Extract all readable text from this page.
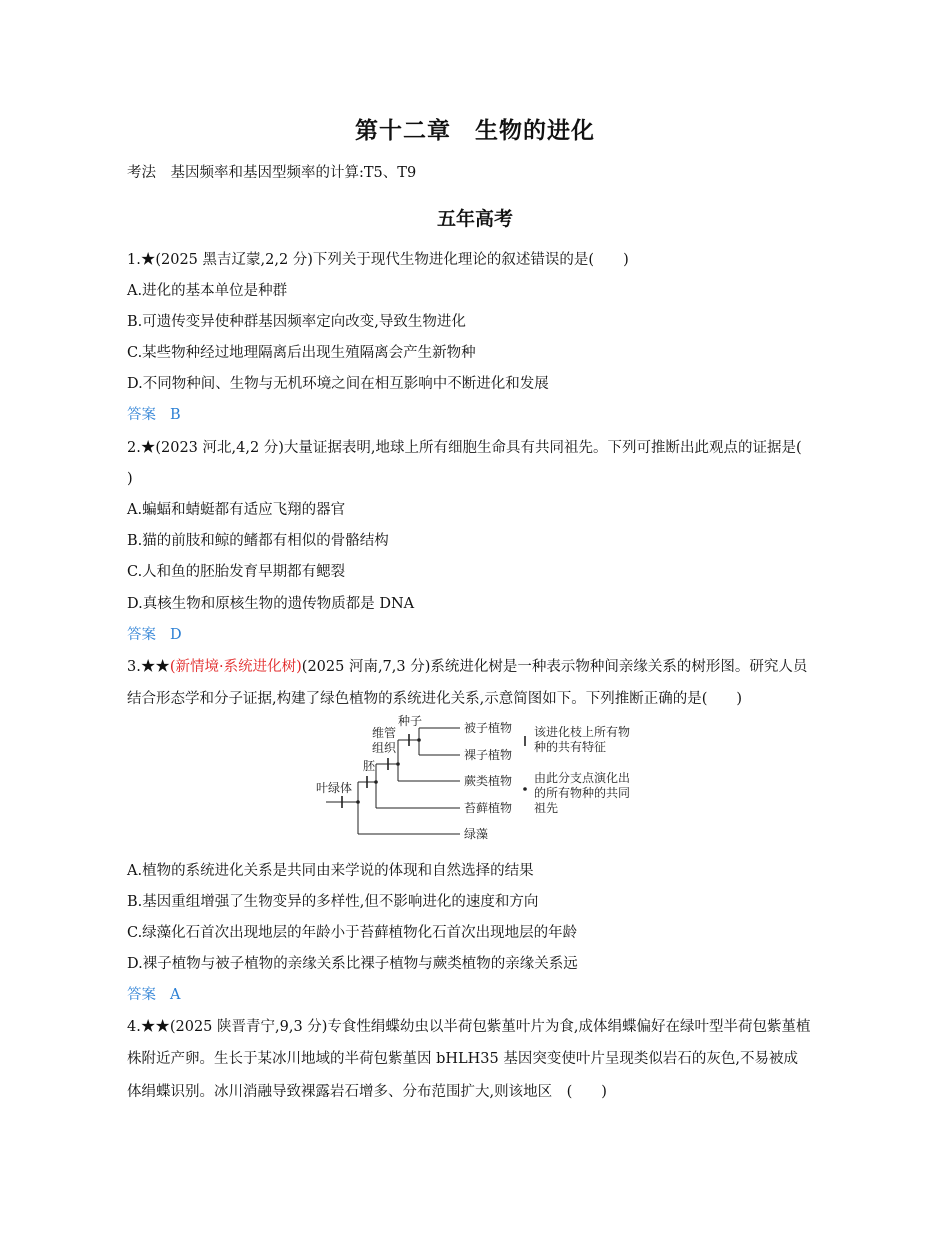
第十二章　生物的进化
考法　基因频率和基因型频率的计算:T5、T9
五年高考
1.★(2025 黑吉辽蒙,2,2 分)下列关于现代生物进化理论的叙述错误的是(　　)
A.进化的基本单位是种群
B.可遗传变异使种群基因频率定向改变,导致生物进化
C.某些物种经过地理隔离后出现生殖隔离会产生新物种
D.不同物种间、生物与无机环境之间在相互影响中不断进化和发展
答案 B
2.★(2023 河北,4,2 分)大量证据表明,地球上所有细胞生命具有共同祖先。下列可推断出此观点的证据是(
)
A.蝙蝠和蜻蜓都有适应飞翔的器官
B.猫的前肢和鲸的鳍都有相似的骨骼结构
C.人和鱼的胚胎发育早期都有鳃裂
D.真核生物和原核生物的遗传物质都是 DNA
答案 D
3.★★(新情境·系统进化树)(2025 河南,7,3 分)系统进化树是一种表示物种间亲缘关系的树形图。研究人员
结合形态学和分子证据,构建了绿色植物的系统进化关系,示意简图如下。下列推断正确的是(　　)
叶绿体
胚
维管
组织
种子	被子植物
裸子植物
蕨类植物
苔藓植物
绿藻
该进化枝上所有物
种的共有特征
由此分支点演化出
的所有物种的共同
祖先
A.植物的系统进化关系是共同由来学说的体现和自然选择的结果
B.基因重组增强了生物变异的多样性,但不影响进化的速度和方向
C.绿藻化石首次出现地层的年龄小于苔藓植物化石首次出现地层的年龄
D.裸子植物与被子植物的亲缘关系比裸子植物与蕨类植物的亲缘关系远
答案 A
4.★★(2025 陕晋青宁,9,3 分)专食性绢蝶幼虫以半荷包紫堇叶片为食,成体绢蝶偏好在绿叶型半荷包紫堇植
株附近产卵。生长于某冰川地域的半荷包紫堇因 bHLH35 基因突变使叶片呈现类似岩石的灰色,不易被成
体绢蝶识别。冰川消融导致裸露岩石增多、分布范围扩大,则该地区　(　　)
